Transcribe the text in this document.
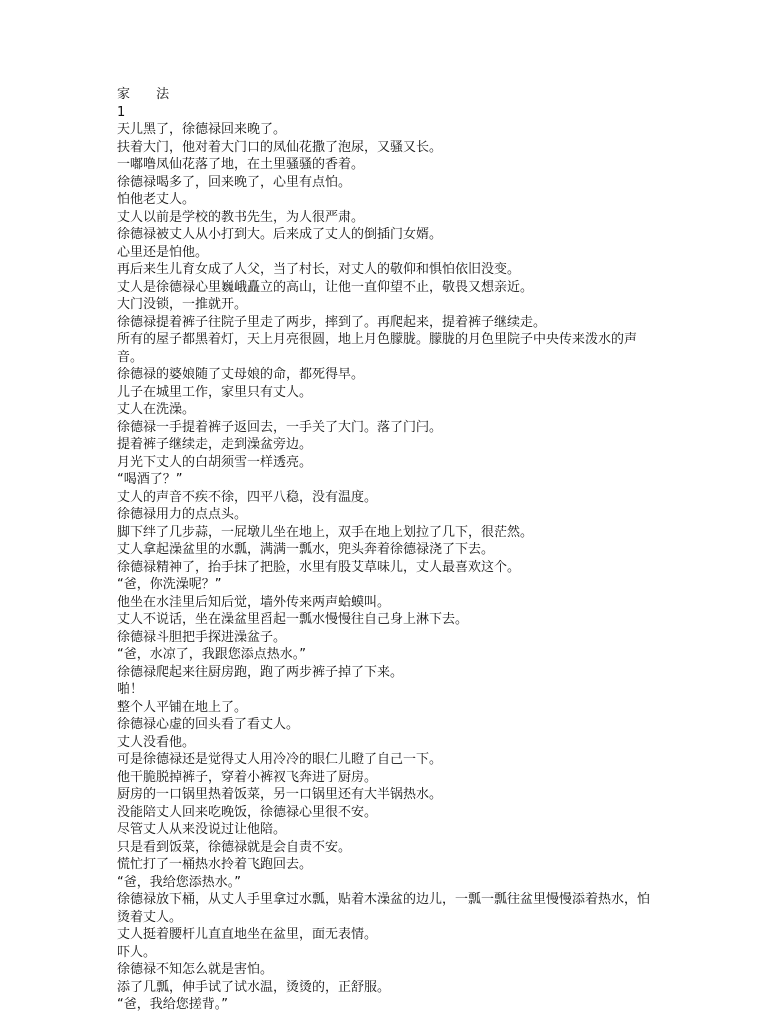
家 法
1

天儿黑了，徐德禄回来晚了。

扶着大门，他对着大门口的凤仙花撒了泡尿，又骚又长。

一嘟噜凤仙花落了地，在土里骚骚的香着。

徐德禄喝多了，回来晚了，心里有点怕。

怕他老丈人。

丈人以前是学校的教书先生，为人很严肃。

徐德禄被丈人从小打到大。后来成了丈人的倒插门女婿。

心里还是怕他。

再后来生儿育女成了人父，当了村长，对丈人的敬仰和惧怕依旧没变。

丈人是徐德禄心里巍峨矗立的高山，让他一直仰望不止，敬畏又想亲近。

大门没锁，一推就开。

徐德禄提着裤子往院子里走了两步，摔到了。再爬起来，提着裤子继续走。

所有的屋子都黑着灯，天上月亮很圆，地上月色朦胧。朦胧的月色里院子中央传来泼水的声音。

徐德禄的婆娘随了丈母娘的命，都死得早。

儿子在城里工作，家里只有丈人。

丈人在洗澡。

徐德禄一手提着裤子返回去，一手关了大门。落了门闩。

提着裤子继续走，走到澡盆旁边。

月光下丈人的白胡须雪一样透亮。

“喝酒了？”

丈人的声音不疾不徐，四平八稳，没有温度。

徐德禄用力的点点头。

脚下绊了几步蒜，一屁墩儿坐在地上，双手在地上划拉了几下，很茫然。

丈人拿起澡盆里的水瓢，满满一瓢水，兜头奔着徐德禄浇了下去。

徐德禄精神了，抬手抹了把脸，水里有股艾草味儿，丈人最喜欢这个。

“爸，你洗澡呢？”

他坐在水洼里后知后觉，墙外传来两声蛤蟆叫。

丈人不说话，坐在澡盆里舀起一瓢水慢慢往自己身上淋下去。

徐德禄斗胆把手探进澡盆子。

“爸，水凉了，我跟您添点热水。”

徐德禄爬起来往厨房跑，跑了两步裤子掉了下来。

啪！

整个人平铺在地上了。

徐德禄心虚的回头看了看丈人。

丈人没看他。

可是徐德禄还是觉得丈人用冷冷的眼仁儿瞪了自己一下。

他干脆脱掉裤子，穿着小裤衩飞奔进了厨房。

厨房的一口锅里热着饭菜，另一口锅里还有大半锅热水。

没能陪丈人回来吃晚饭，徐德禄心里很不安。

尽管丈人从来没说过让他陪。

只是看到饭菜，徐德禄就是会自责不安。

慌忙打了一桶热水拎着飞跑回去。

“爸，我给您添热水。”

徐德禄放下桶，从丈人手里拿过水瓢，贴着木澡盆的边儿，一瓢一瓢往盆里慢慢添着热水，怕烫着丈人。

丈人挺着腰杆儿直直地坐在盆里，面无表情。

吓人。

徐德禄不知怎么就是害怕。

添了几瓢，伸手试了试水温，烫烫的，正舒服。

“爸，我给您搓背。”
